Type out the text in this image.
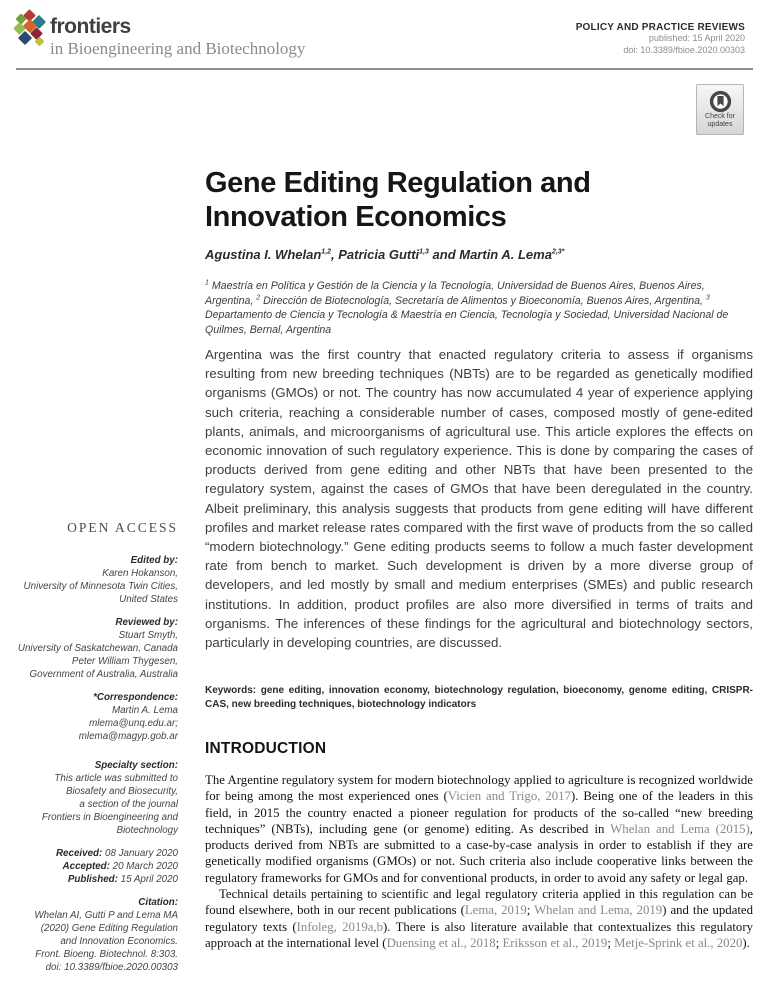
frontiers
in Bioengineering and Biotechnology
POLICY AND PRACTICE REVIEWS
published: 15 April 2020
doi: 10.3389/fbioe.2020.00303
Check for
updates
Gene Editing Regulation and
Innovation Economics
Agustina I. Whelan$^{1,2}$, Patricia Gutti$^{1,3}$ and Martin A. Lema$^{2,3*}$
$^1$ Maestría en Política y Gestión de la Ciencia y la Tecnología, Universidad de Buenos Aires, Buenos Aires, Argentina, $^2$ Dirección de Biotecnología, Secretaría de Alimentos y Bioeconomía, Buenos Aires, Argentina, $^3$ Departamento de Ciencia y Tecnología & Maestría en Ciencia, Tecnología y Sociedad, Universidad Nacional de Quilmes, Bernal, Argentina
Argentina was the first country that enacted regulatory criteria to assess if organisms resulting from new breeding techniques (NBTs) are to be regarded as genetically modified organisms (GMOs) or not. The country has now accumulated 4 year of experience applying such criteria, reaching a considerable number of cases, composed mostly of gene-edited plants, animals, and microorganisms of agricultural use. This article explores the effects on economic innovation of such regulatory experience. This is done by comparing the cases of products derived from gene editing and other NBTs that have been presented to the regulatory system, against the cases of GMOs that have been deregulated in the country. Albeit preliminary, this analysis suggests that products from gene editing will have different profiles and market release rates compared with the first wave of products from the so called “modern biotechnology.” Gene editing products seems to follow a much faster development rate from bench to market. Such development is driven by a more diverse group of developers, and led mostly by small and medium enterprises (SMEs) and public research institutions. In addition, product profiles are also more diversified in terms of traits and organisms. The inferences of these findings for the agricultural and biotechnology sectors, particularly in developing countries, are discussed.
Keywords: gene editing, innovation economy, biotechnology regulation, bioeconomy, genome editing, CRISPR-CAS, new breeding techniques, biotechnology indicators
INTRODUCTION

The Argentine regulatory system for modern biotechnology applied to agriculture is recognized worldwide for being among the most experienced ones (Vicien and Trigo, 2017). Being one of the leaders in this field, in 2015 the country enacted a pioneer regulation for products of the so-called “new breeding techniques” (NBTs), including gene (or genome) editing. As described in Whelan and Lema (2015), products derived from NBTs are submitted to a case-by-case analysis in order to establish if they are genetically modified organisms (GMOs) or not. Such criteria also include cooperative links between the regulatory frameworks for GMOs and for conventional products, in order to avoid any safety or legal gap.

Technical details pertaining to scientific and legal regulatory criteria applied in this regulation can be found elsewhere, both in our recent publications (Lema, 2019; Whelan and Lema, 2019) and the updated regulatory texts (Infoleg, 2019a,b). There is also literature available that contextualizes this regulatory approach at the international level (Duensing et al., 2018; Eriksson et al., 2019; Metje-Sprink et al., 2020).

OPEN ACCESS
Edited by:
Karen Hokanson,
University of Minnesota Twin Cities,
United States
Reviewed by:
Stuart Smyth,
University of Saskatchewan, Canada
Peter William Thygesen,
Government of Australia, Australia
*Correspondence:
Martin A. Lema
mlema@unq.edu.ar;
mlema@magyp.gob.ar
Specialty section:
This article was submitted to
Biosafety and Biosecurity,
a section of the journal
Frontiers in Bioengineering and
Biotechnology
Received: 08 January 2020
Accepted: 20 March 2020
Published: 15 April 2020
Citation:
Whelan AI, Gutti P and Lema MA
(2020) Gene Editing Regulation
and Innovation Economics.
Front. Bioeng. Biotechnol. 8:303.
doi: 10.3389/fbioe.2020.00303
